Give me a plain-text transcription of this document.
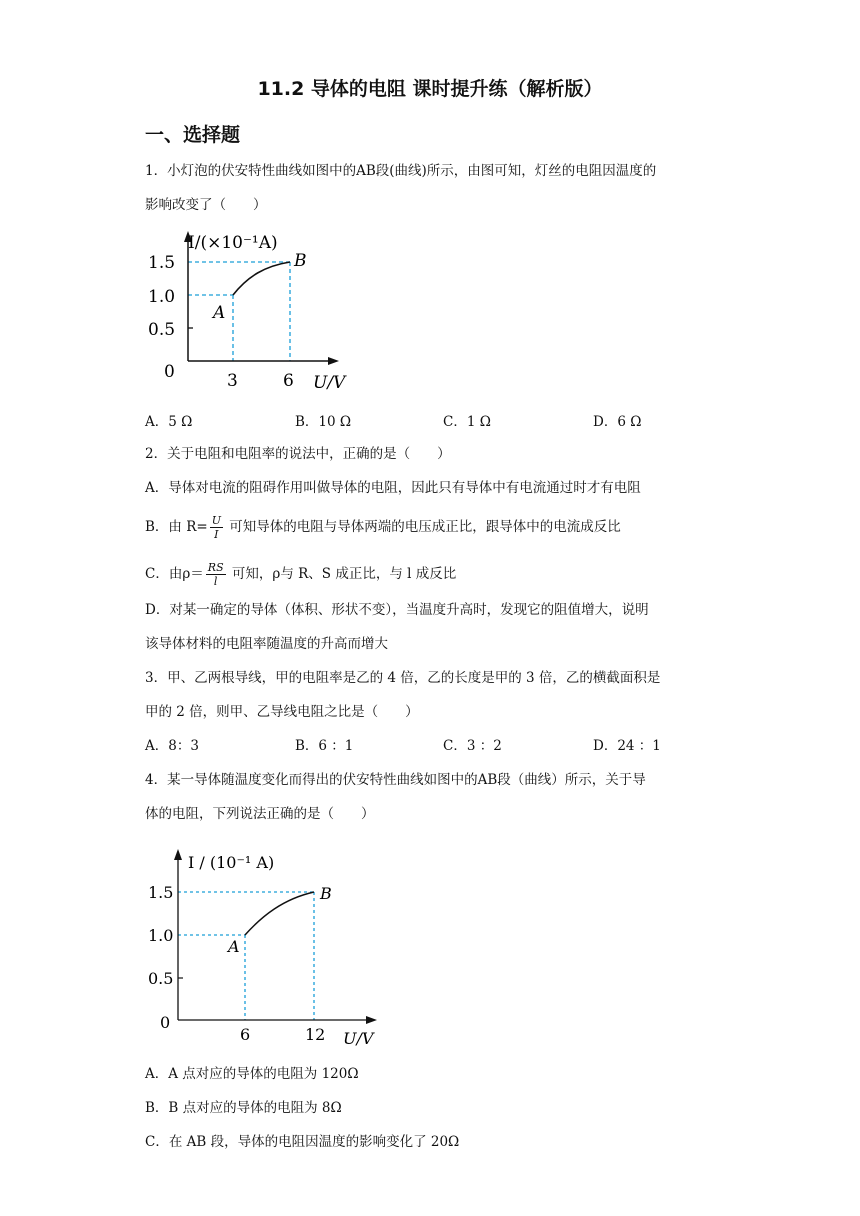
11.2 导体的电阻 课时提升练（解析版）
一、选择题
1．小灯泡的伏安特性曲线如图中的AB段(曲线)所示，由图可知，灯丝的电阻因温度的
影响改变了（　　）
I/(×10⁻¹A)
U/V
1.5
1.0
0.5
0	3	6
A
B
A．5 Ω	B．10 Ω	C．1 Ω	D．6 Ω
2．关于电阻和电阻率的说法中，正确的是（　　）
A．导体对电流的阻碍作用叫做导体的电阻，因此只有导体中有电流通过时才有电阻
B．由 $R= \frac{U}{I}$ 可知导体的电阻与导体两端的电压成正比，跟导体中的电流成反比
C．由$\rho= \frac{RS}{l}$ 可知，ρ与 R、S 成正比，与 l 成反比
D．对某一确定的导体（体积、形状不变），当温度升高时，发现它的阻值增大，说明
该导体材料的电阻率随温度的升高而增大
3．甲、乙两根导线，甲的电阻率是乙的 4 倍，乙的长度是甲的 3 倍，乙的横截面积是
甲的 2 倍，则甲、乙导线电阻之比是（　　）
A．8：3	B．6 ：1	C．3 ：2	D．24 ：1
4．某一导体随温度变化而得出的伏安特性曲线如图中的AB段（曲线）所示，关于导
体的电阻，下列说法正确的是（　　）
I / (10⁻¹ A)
U/V
1.5
1.0
0.5
0
6	12
A
B
A．A 点对应的导体的电阻为 120Ω
B．B 点对应的导体的电阻为 8Ω
C．在 AB 段，导体的电阻因温度的影响变化了 20Ω
